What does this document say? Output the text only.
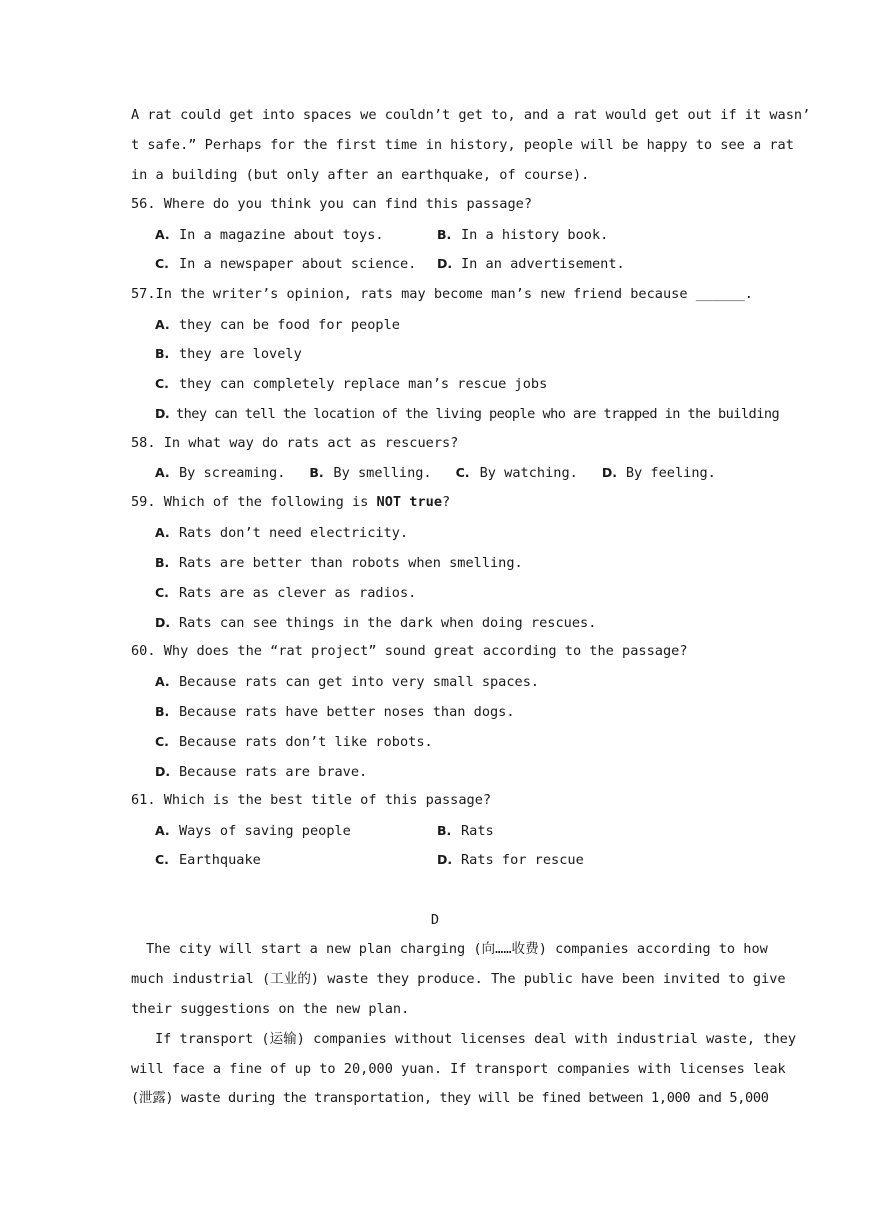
A rat could get into spaces we couldn’t get to, and a rat would get out if it wasn’
t safe.” Perhaps for the first time in history, people will be happy to see a rat
in a building (but only after an earthquake, of course).
56. Where do you think you can find this passage?
A. In a magazine about toys.	B. In a history book.
C. In a newspaper about science. D. In an advertisement.
57.In the writer’s opinion, rats may become man’s new friend because ______.
A. they can be food for people
B. they are lovely
C. they can completely replace man’s rescue jobs
D. they can tell the location of the living people who are trapped in the building
58. In what way do rats act as rescuers?
A. By screaming. B. By smelling. C. By watching. D. By feeling.
59. Which of the following is NOT true?
A. Rats don’t need electricity.
B. Rats are better than robots when smelling.
C. Rats are as clever as radios.
D. Rats can see things in the dark when doing rescues.
60. Why does the “rat project” sound great according to the passage?
A. Because rats can get into very small spaces.
B. Because rats have better noses than dogs.
C. Because rats don’t like robots.
D. Because rats are brave.
61. Which is the best title of this passage?
A. Ways of saving people	B. Rats
C. Earthquake	D. Rats for rescue
D
The city will start a new plan charging (向……收费) companies according to how
much industrial (工业的) waste they produce. The public have been invited to give
their suggestions on the new plan.
If transport (运输) companies without licenses deal with industrial waste, they
will face a fine of up to 20,000 yuan. If transport companies with licenses leak
(泄露) waste during the transportation, they will be fined between 1,000 and 5,000
